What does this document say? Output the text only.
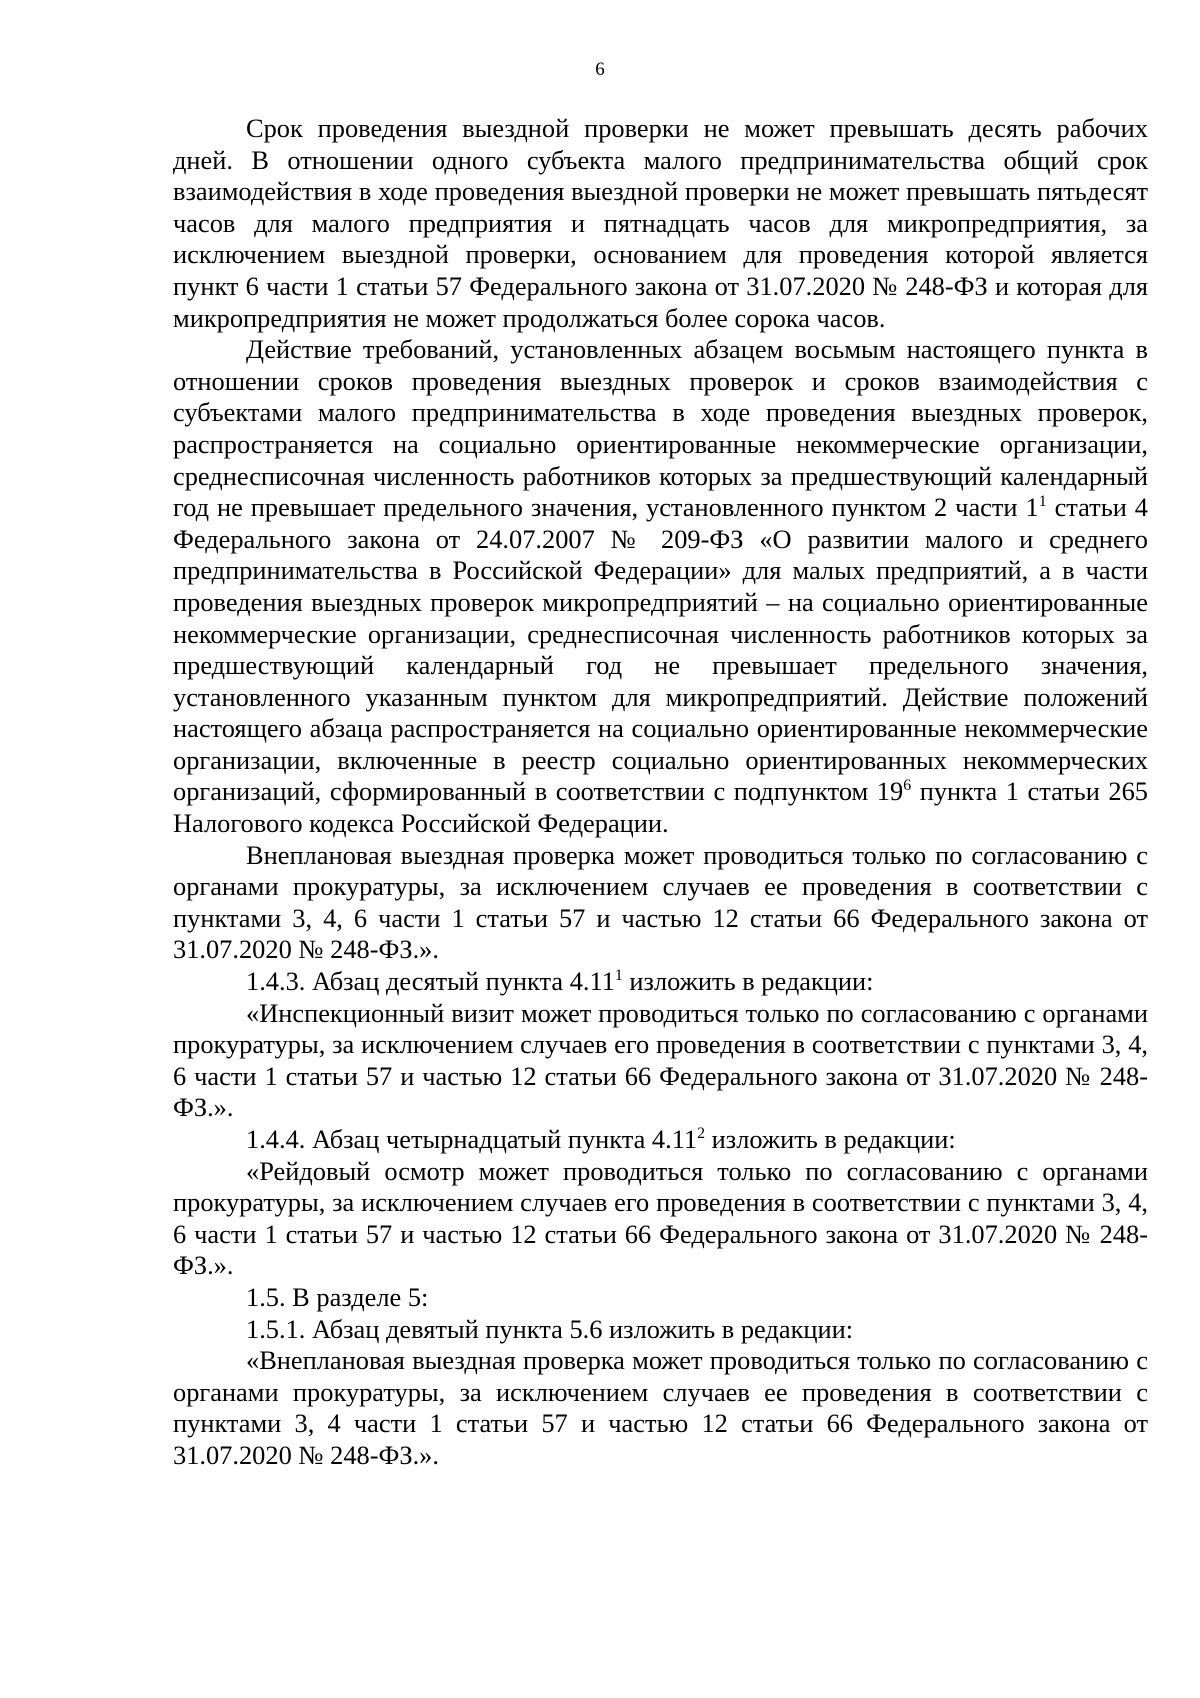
6

Срок проведения выездной проверки не может превышать десять рабочих дней. В отношении одного субъекта малого предпринимательства общий срок взаимодействия в ходе проведения выездной проверки не может превышать пятьдесят часов для малого предприятия и пятнадцать часов для микропредприятия, за исключением выездной проверки, основанием для проведения которой является пункт 6 части 1 статьи 57 Федерального закона от 31.07.2020 № 248-ФЗ и которая для микропредприятия не может продолжаться более сорока часов.

Действие требований, установленных абзацем восьмым настоящего пункта в отношении сроков проведения выездных проверок и сроков взаимодействия с субъектами малого предпринимательства в ходе проведения выездных проверок, распространяется на социально ориентированные некоммерческие организации, среднесписочная численность работников которых за предшествующий календарный год не превышает предельного значения, установленного пунктом 2 части $1^1$ статьи 4 Федерального закона от 24.07.2007 № 209-ФЗ «О развитии малого и среднего предпринимательства в Российской Федерации» для малых предприятий, а в части проведения выездных проверок микропредприятий – на социально ориентированные некоммерческие организации, среднесписочная численность работников которых за предшествующий календарный год не превышает предельного значения, установленного указанным пунктом для микропредприятий. Действие положений настоящего абзаца распространяется на социально ориентированные некоммерческие организации, включенные в реестр социально ориентированных некоммерческих организаций, сформированный в соответствии с подпунктом $19^6$ пункта 1 статьи 265 Налогового кодекса Российской Федерации.

Внеплановая выездная проверка может проводиться только по согласованию с органами прокуратуры, за исключением случаев ее проведения в соответствии с пунктами 3, 4, 6 части 1 статьи 57 и частью 12 статьи 66 Федерального закона от 31.07.2020 № 248-ФЗ.».

1.4.3. Абзац десятый пункта 4.11$^1$ изложить в редакции:

«Инспекционный визит может проводиться только по согласованию с органами прокуратуры, за исключением случаев его проведения в соответствии с пунктами 3, 4, 6 части 1 статьи 57 и частью 12 статьи 66 Федерального закона от 31.07.2020 № 248-ФЗ.».

1.4.4. Абзац четырнадцатый пункта 4.11$^2$ изложить в редакции:

«Рейдовый осмотр может проводиться только по согласованию с органами прокуратуры, за исключением случаев его проведения в соответствии с пунктами 3, 4, 6 части 1 статьи 57 и частью 12 статьи 66 Федерального закона от 31.07.2020 № 248-ФЗ.».

1.5. В разделе 5:

1.5.1. Абзац девятый пункта 5.6 изложить в редакции:

«Внеплановая выездная проверка может проводиться только по согласованию с органами прокуратуры, за исключением случаев ее проведения в соответствии с пунктами 3, 4 части 1 статьи 57 и частью 12 статьи 66 Федерального закона от 31.07.2020 № 248-ФЗ.».
